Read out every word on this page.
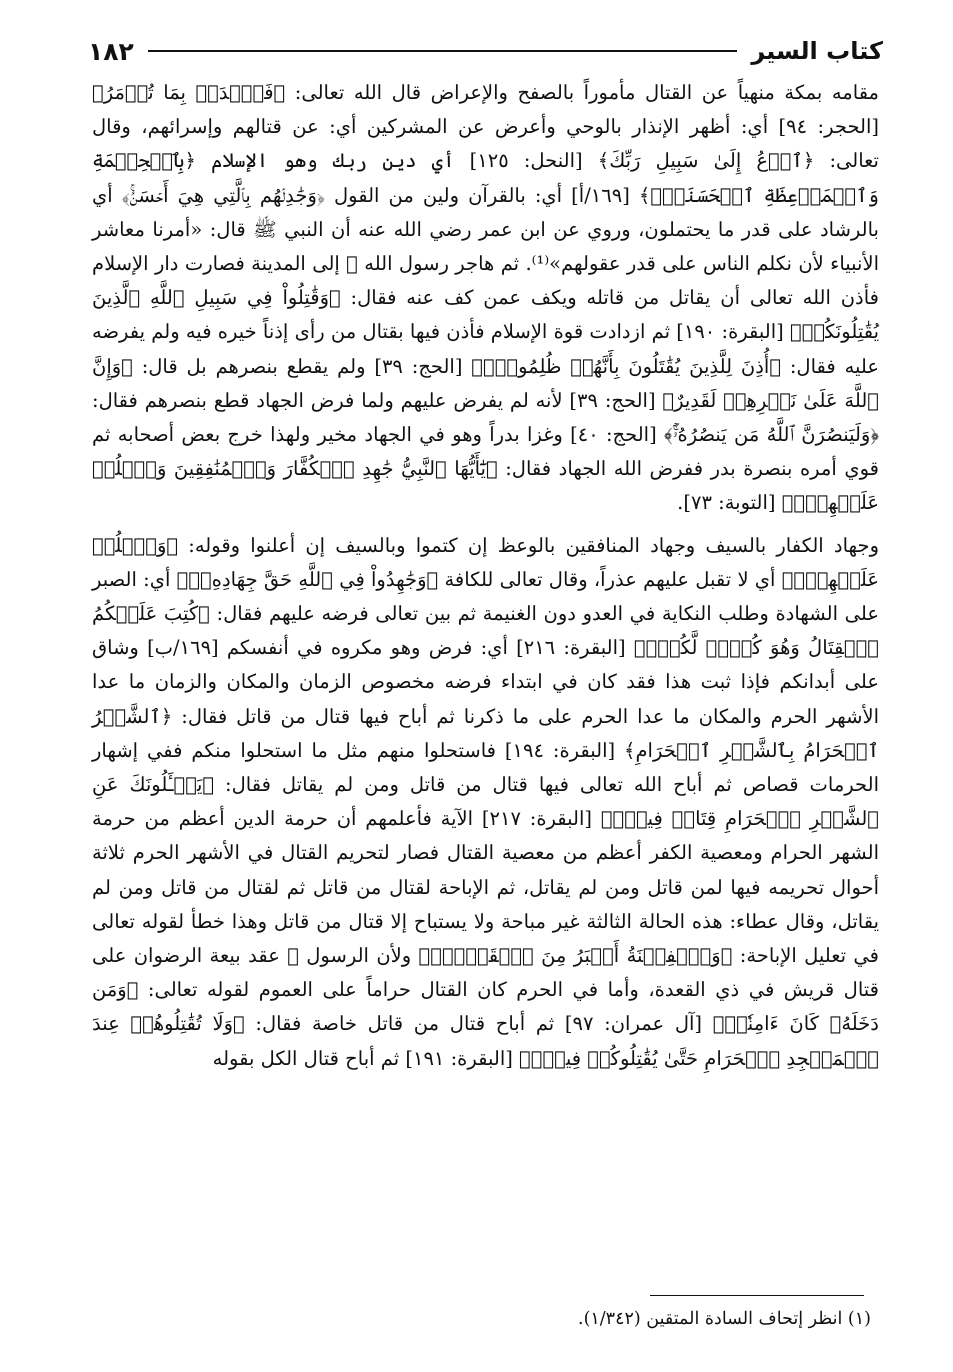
كتاب السير
١٨٢

مقامه بمكة منهياً عن القتال مأموراً بالصفح والإعراض قال الله تعالى: ﴿فَٱصۡدَعۡ بِمَا تُؤۡمَرُ﴾ [الحجر: ٩٤] أي: أظهر الإنذار بالوحي وأعرض عن المشركين أي: عن قتالهم وإسرائهم، وقال تعالى: ﴿ٱدۡعُ إِلَىٰ سَبِيلِ رَبِّكَ﴾ [النحل: ١٢٥] أي دين ربك وهو الإسلام ﴿بِٱلۡحِكۡمَةِ وَٱلۡمَوۡعِظَةِ ٱلۡحَسَنَةِۖ﴾ [١٦٩/أ] أي: بالقرآن ولين من القول ﴿وَجَٰدِلۡهُم بِٱلَّتِي هِيَ أَحۡسَنُۚ﴾ أي بالرشاد على قدر ما يحتملون، وروي عن ابن عمر رضي الله عنه أن النبي ﷺ قال: «أمرنا معاشر الأنبياء لأن نكلم الناس على قدر عقولهم»⁽¹⁾. ثم هاجر رسول الله ﷺ إلى المدينة فصارت دار الإسلام فأذن الله تعالى أن يقاتل من قاتله ويكف عمن كف عنه فقال: ﴿وَقَٰتِلُواْ فِي سَبِيلِ ٱللَّهِ ٱلَّذِينَ يُقَٰتِلُونَكُمۡ﴾ [البقرة: ١٩٠] ثم ازدادت قوة الإسلام فأذن فيها بقتال من رأى إذناً خيره فيه ولم يفرضه عليه فقال: ﴿أُذِنَ لِلَّذِينَ يُقَٰتَلُونَ بِأَنَّهُمۡ ظُلِمُواْۚ﴾ [الحج: ٣٩] ولم يقطع بنصرهم بل قال: ﴿وَإِنَّ ٱللَّهَ عَلَىٰ نَصۡرِهِمۡ لَقَدِيرٌ﴾ [الحج: ٣٩] لأنه لم يفرض عليهم ولما فرض الجهاد قطع بنصرهم فقال: ﴿وَلَيَنصُرَنَّ ٱللَّهُ مَن يَنصُرُهُۥٓۚ﴾ [الحج: ٤٠] وغزا بدراً وهو في الجهاد مخير ولهذا خرج بعض أصحابه ثم قوي أمره بنصرة بدر ففرض الله الجهاد فقال: ﴿يَٰٓأَيُّهَا ٱلنَّبِيُّ جَٰهِدِ ٱلۡكُفَّارَ وَٱلۡمُنَٰفِقِينَ وَٱغۡلُظۡ عَلَيۡهِمۡۚ﴾ [التوبة: ٧٣].

وجهاد الكفار بالسيف وجهاد المنافقين بالوعظ إن كتموا وبالسيف إن أعلنوا وقوله: ﴿وَٱغۡلُظۡ عَلَيۡهِمۡۚ﴾ أي لا تقبل عليهم عذراً، وقال تعالى للكافة ﴿وَجَٰهِدُواْ فِي ٱللَّهِ حَقَّ جِهَادِهِۦۚ﴾ أي: الصبر على الشهادة وطلب النكاية في العدو دون الغنيمة ثم بين تعالى فرضه عليهم فقال: ﴿كُتِبَ عَلَيۡكُمُ ٱلۡقِتَالُ وَهُوَ كُرۡهٞ لَّكُمۡۖ﴾ [البقرة: ٢١٦] أي: فرض وهو مكروه في أنفسكم [١٦٩/ب] وشاق على أبدانكم فإذا ثبت هذا فقد كان في ابتداء فرضه مخصوص الزمان والمكان والزمان ما عدا الأشهر الحرم والمكان ما عدا الحرم على ما ذكرنا ثم أباح فيها قتال من قاتل فقال: ﴿ٱلشَّهۡرُ ٱلۡحَرَامُ بِٱلشَّهۡرِ ٱلۡحَرَامِ﴾ [البقرة: ١٩٤] فاستحلوا منهم مثل ما استحلوا منكم ففي إشهار الحرمات قصاص ثم أباح الله تعالى فيها قتال من قاتل ومن لم يقاتل فقال: ﴿يَسۡـَٔلُونَكَ عَنِ ٱلشَّهۡرِ ٱلۡحَرَامِ قِتَالٖ فِيهِۖ﴾ [البقرة: ٢١٧] الآية فأعلمهم أن حرمة الدين أعظم من حرمة الشهر الحرام ومعصية الكفر أعظم من معصية القتال فصار لتحريم القتال في الأشهر الحرم ثلاثة أحوال تحريمه فيها لمن قاتل ومن لم يقاتل، ثم الإباحة لقتال من قاتل ثم لقتال من قاتل ومن لم يقاتل، وقال عطاء: هذه الحالة الثالثة غير مباحة ولا يستباح إلا قتال من قاتل وهذا خطأ لقوله تعالى في تعليل الإباحة: ﴿وَٱلۡفِتۡنَةُ أَكۡبَرُ مِنَ ٱلۡقَتۡلِۗ﴾ ولأن الرسول ﷺ عقد بيعة الرضوان على قتال قريش في ذي القعدة، وأما في الحرم كان القتال حراماً على العموم لقوله تعالى: ﴿وَمَن دَخَلَهُۥ كَانَ ءَامِنٗاۗ﴾ [آل عمران: ٩٧] ثم أباح قتال من قاتل خاصة فقال: ﴿وَلَا تُقَٰتِلُوهُمۡ عِندَ ٱلۡمَسۡجِدِ ٱلۡحَرَامِ حَتَّىٰ يُقَٰتِلُوكُمۡ فِيهِۖ﴾ [البقرة: ١٩١] ثم أباح قتال الكل بقوله

(١) انظر إتحاف السادة المتقين (١/٣٤٢).
